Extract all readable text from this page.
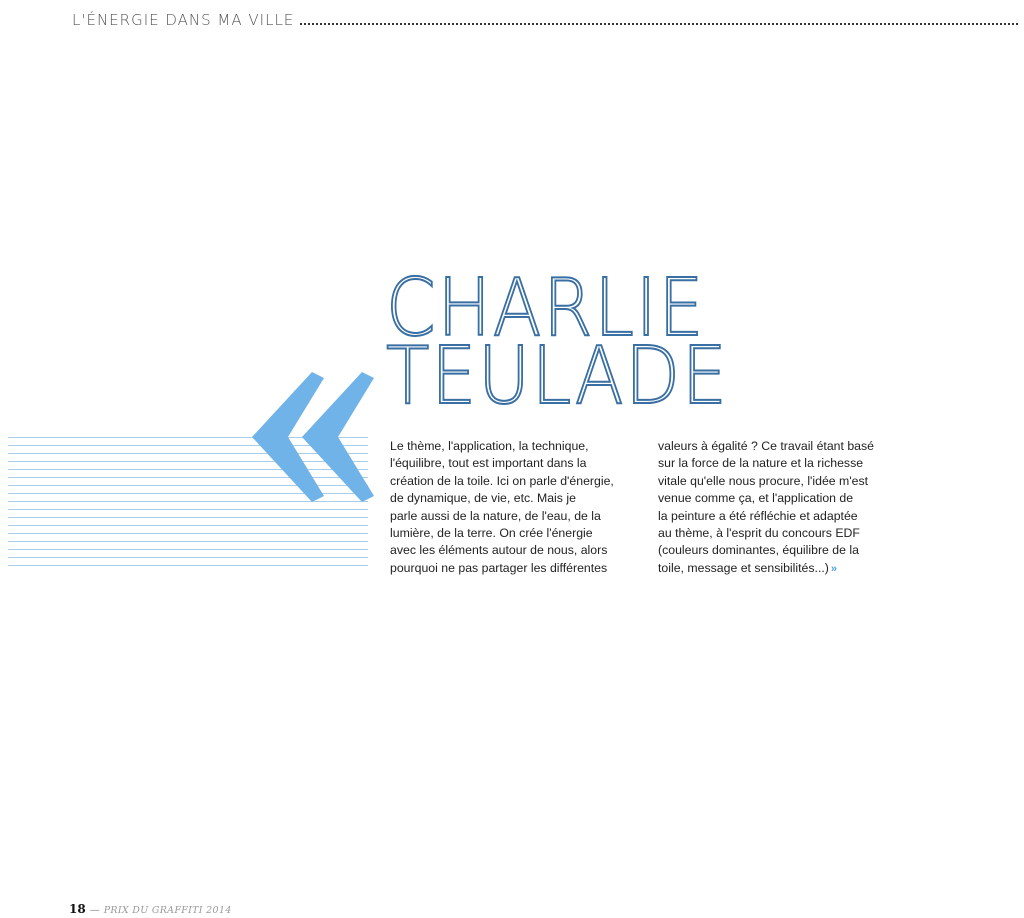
L'ÉNERGIE DANS MA VILLE
CHARLIE
TEULADE
Le thème, l'application, la technique,
l'équilibre, tout est important dans la
création de la toile. Ici on parle d'énergie,
de dynamique, de vie, etc. Mais je
parle aussi de la nature, de l'eau, de la
lumière, de la terre. On crée l'énergie
avec les éléments autour de nous, alors
pourquoi ne pas partager les différentes
valeurs à égalité ? Ce travail étant basé
sur la force de la nature et la richesse
vitale qu'elle nous procure, l'idée m'est
venue comme ça, et l'application de
la peinture a été réfléchie et adaptée
au thème, à l'esprit du concours EDF
(couleurs dominantes, équilibre de la
toile, message et sensibilités...) »
18 — PRIX DU GRAFFITI 2014
